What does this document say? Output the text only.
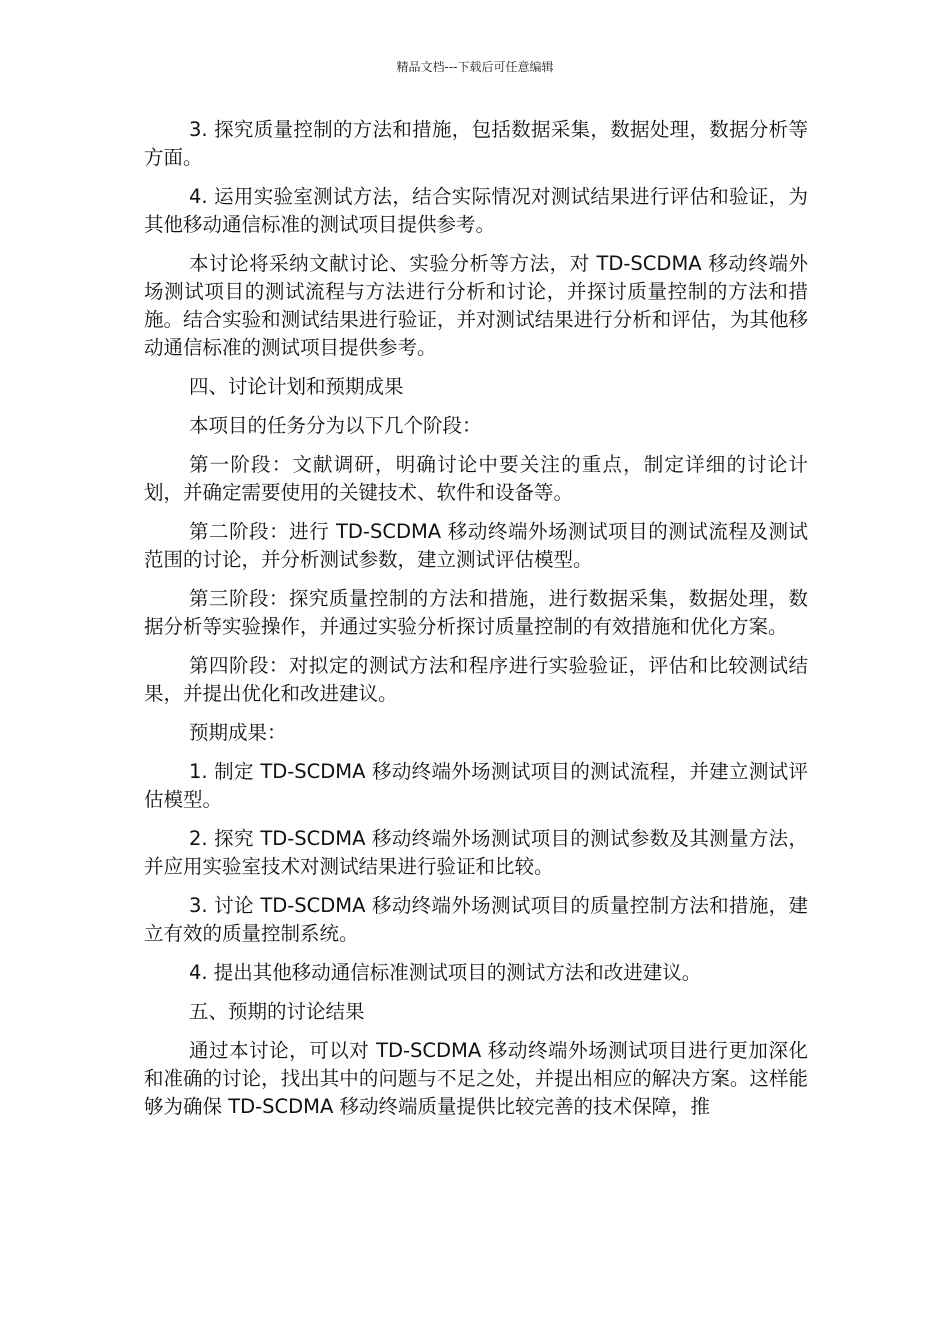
精品文档---下载后可任意编辑

3. 探究质量控制的方法和措施，包括数据采集，数据处理，数据分析等方面。

4. 运用实验室测试方法，结合实际情况对测试结果进行评估和验证，为其他移动通信标准的测试项目提供参考。

本讨论将采纳文献讨论、实验分析等方法，对 TD-SCDMA 移动终端外场测试项目的测试流程与方法进行分析和讨论，并探讨质量控制的方法和措施。结合实验和测试结果进行验证，并对测试结果进行分析和评估，为其他移动通信标准的测试项目提供参考。

四、讨论计划和预期成果

本项目的任务分为以下几个阶段：

第一阶段：文献调研，明确讨论中要关注的重点，制定详细的讨论计划，并确定需要使用的关键技术、软件和设备等。

第二阶段：进行 TD-SCDMA 移动终端外场测试项目的测试流程及测试范围的讨论，并分析测试参数，建立测试评估模型。

第三阶段：探究质量控制的方法和措施，进行数据采集，数据处理，数据分析等实验操作，并通过实验分析探讨质量控制的有效措施和优化方案。

第四阶段：对拟定的测试方法和程序进行实验验证，评估和比较测试结果，并提出优化和改进建议。

预期成果：

1. 制定 TD-SCDMA 移动终端外场测试项目的测试流程，并建立测试评估模型。

2. 探究 TD-SCDMA 移动终端外场测试项目的测试参数及其测量方法，并应用实验室技术对测试结果进行验证和比较。

3. 讨论 TD-SCDMA 移动终端外场测试项目的质量控制方法和措施，建立有效的质量控制系统。

4. 提出其他移动通信标准测试项目的测试方法和改进建议。

五、预期的讨论结果

通过本讨论，可以对 TD-SCDMA 移动终端外场测试项目进行更加深化和准确的讨论，找出其中的问题与不足之处，并提出相应的解决方案。这样能够为确保 TD-SCDMA 移动终端质量提供比较完善的技术保障，推
